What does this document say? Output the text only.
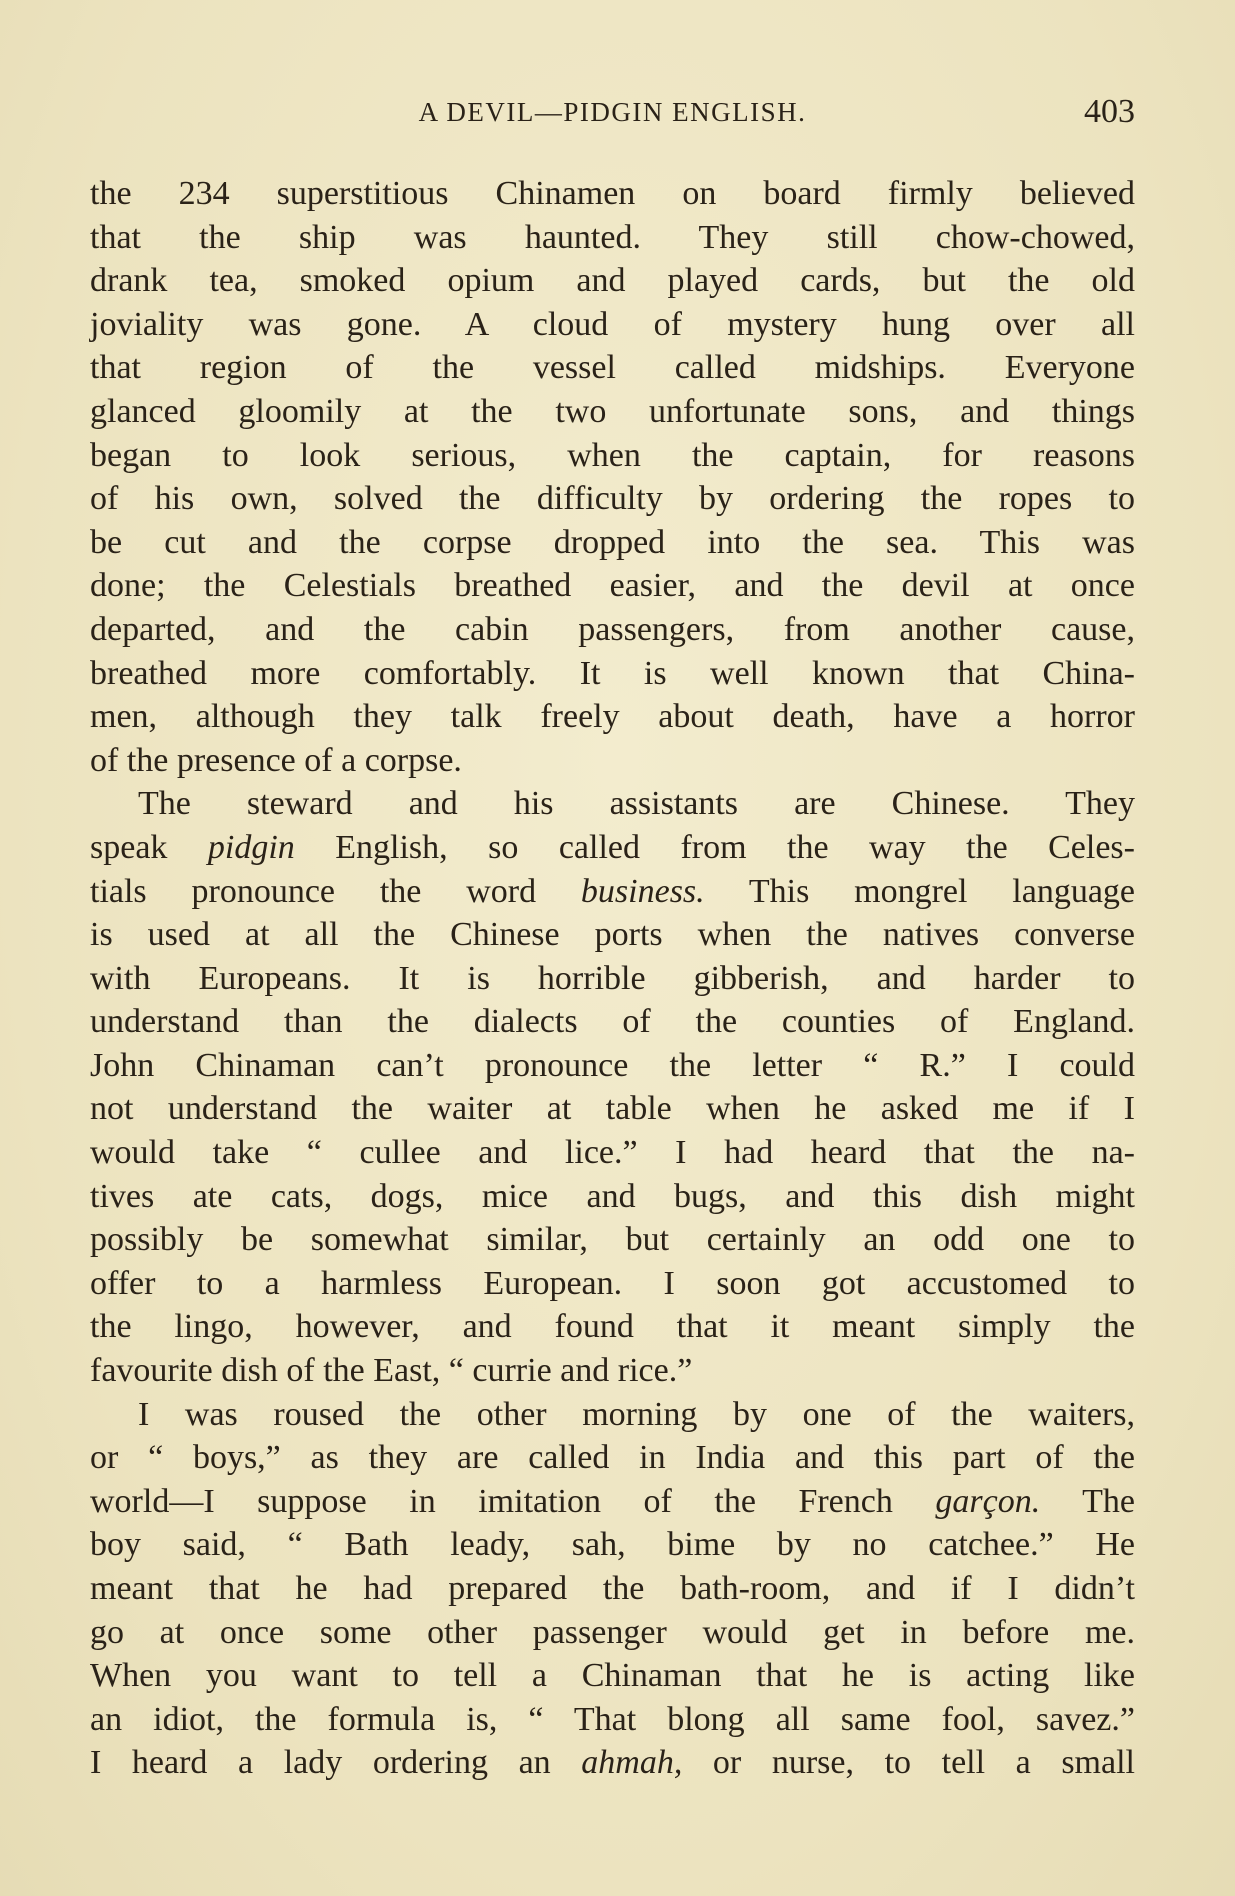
A DEVIL—PIDGIN ENGLISH.	403
the 234 superstitious Chinamen on board firmly believed
that the ship was haunted. They still chow-chowed,
drank tea, smoked opium and played cards, but the old
joviality was gone. A cloud of mystery hung over all
that region of the vessel called midships. Everyone
glanced gloomily at the two unfortunate sons, and things
began to look serious, when the captain, for reasons
of his own, solved the difficulty by ordering the ropes to
be cut and the corpse dropped into the sea. This was
done; the Celestials breathed easier, and the devil at once
departed, and the cabin passengers, from another cause,
breathed more comfortably. It is well known that China-
men, although they talk freely about death, have a horror
of the presence of a corpse.
The steward and his assistants are Chinese. They
speak pidgin English, so called from the way the Celes-
tials pronounce the word business. This mongrel language
is used at all the Chinese ports when the natives converse
with Europeans. It is horrible gibberish, and harder to
understand than the dialects of the counties of England.
John Chinaman can’t pronounce the letter “ R.” I could
not understand the waiter at table when he asked me if I
would take “ cullee and lice.” I had heard that the na-
tives ate cats, dogs, mice and bugs, and this dish might
possibly be somewhat similar, but certainly an odd one to
offer to a harmless European. I soon got accustomed to
the lingo, however, and found that it meant simply the
favourite dish of the East, “ currie and rice.”
I was roused the other morning by one of the waiters,
or “ boys,” as they are called in India and this part of the
world—I suppose in imitation of the French garçon. The
boy said, “ Bath leady, sah, bime by no catchee.” He
meant that he had prepared the bath-room, and if I didn’t
go at once some other passenger would get in before me.
When you want to tell a Chinaman that he is acting like
an idiot, the formula is, “ That blong all same fool, savez.”
I heard a lady ordering an ahmah, or nurse, to tell a small
